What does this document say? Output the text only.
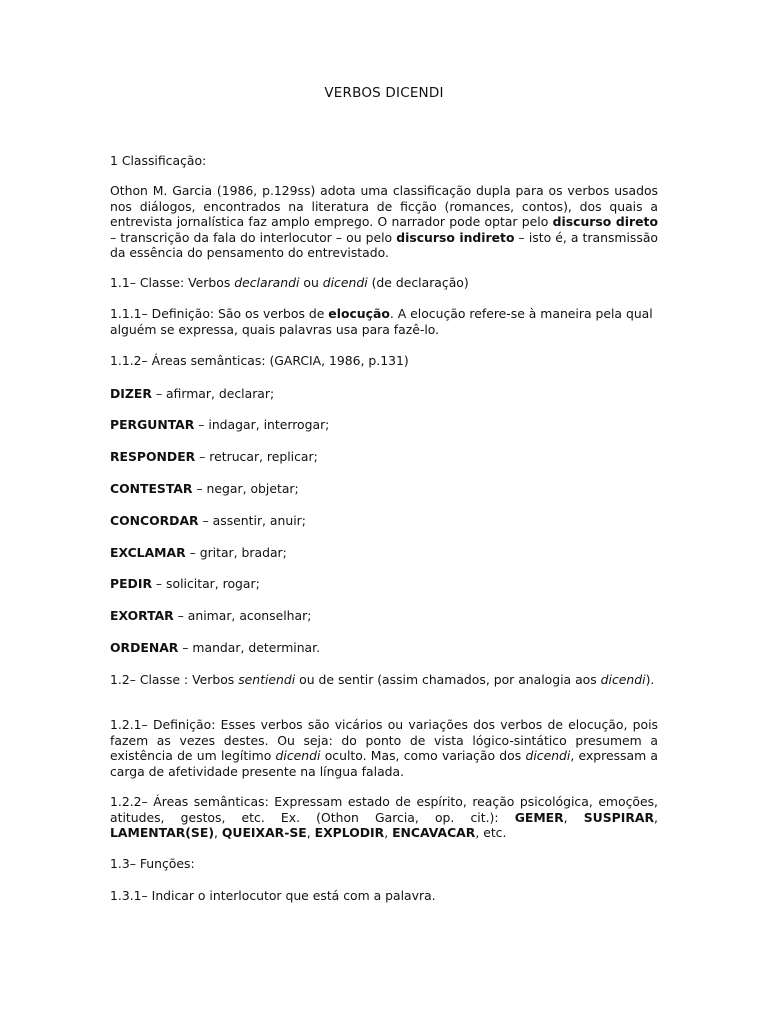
VERBOS DICENDI

1 Classificação:

Othon M. Garcia (1986, p.129ss) adota uma classificação dupla para os verbos usados nos diálogos, encontrados na literatura de ficção (romances, contos), dos quais a entrevista jornalística faz amplo emprego. O narrador pode optar pelo discurso direto – transcrição da fala do interlocutor – ou pelo discurso indireto – isto é, a transmissão da essência do pensamento do entrevistado.

1.1– Classe: Verbos declarandi ou dicendi (de declaração)

1.1.1– Definição: São os verbos de elocução. A elocução refere-se à maneira pela qual alguém se expressa, quais palavras usa para fazê-lo.

1.1.2– Áreas semânticas: (GARCIA, 1986, p.131)

DIZER – afirmar, declarar;

PERGUNTAR – indagar, interrogar;

RESPONDER – retrucar, replicar;

CONTESTAR – negar, objetar;

CONCORDAR – assentir, anuir;

EXCLAMAR – gritar, bradar;

PEDIR – solicitar, rogar;

EXORTAR – animar, aconselhar;

ORDENAR – mandar, determinar.

1.2– Classe : Verbos sentiendi ou de sentir (assim chamados, por analogia aos dicendi).

1.2.1– Definição: Esses verbos são vicários ou variações dos verbos de elocução, pois fazem as vezes destes. Ou seja: do ponto de vista lógico-sintático presumem a existência de um legítimo dicendi oculto. Mas, como variação dos dicendi, expressam a carga de afetividade presente na língua falada.

1.2.2– Áreas semânticas: Expressam estado de espírito, reação psicológica, emoções, atitudes, gestos, etc. Ex. (Othon Garcia, op. cit.): GEMER, SUSPIRAR, LAMENTAR(SE), QUEIXAR-SE, EXPLODIR, ENCAVACAR, etc.

1.3– Funções:

1.3.1– Indicar o interlocutor que está com a palavra.
